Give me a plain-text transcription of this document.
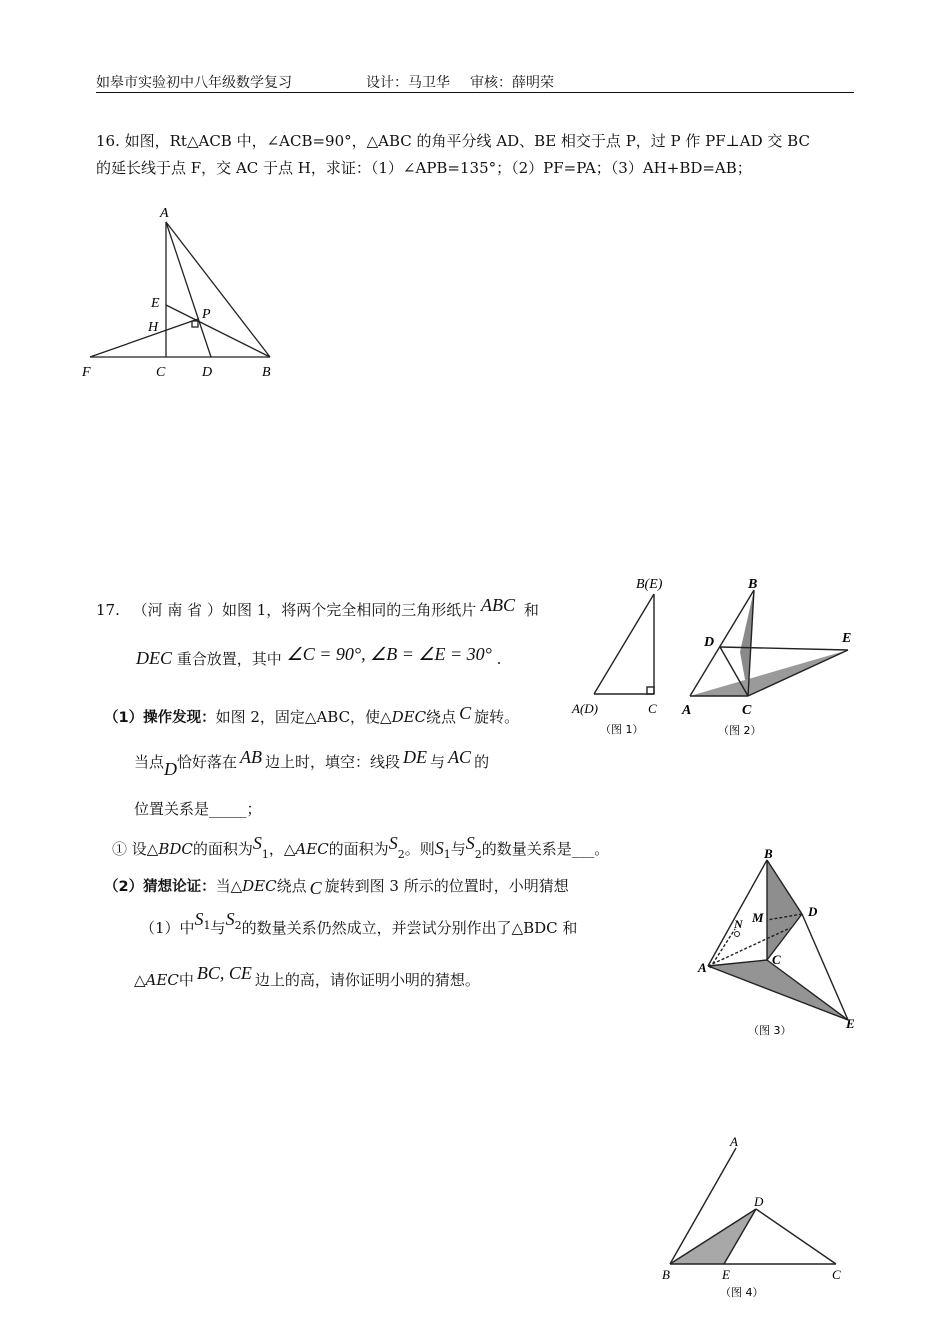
如皋市实验初中八年级数学复习	设计：马卫华 审核：薛明荣
16. 如图，Rt△ACB 中，∠ACB=90°，△ABC 的角平分线 AD、BE 相交于点 P，过 P 作 PF⊥AD 交 BC
的延长线于点 F，交 AC 于点 H，求证：（1）∠APB=135°；（2）PF=PA；（3）AH+BD=AB；
A
E
H
P
F	C	D	B
17. （河 南 省 ）如图 1，将两个完全相同的三角形纸片 ABC 和
DEC 重合放置，其中 ∠C = 90°, ∠B = ∠E = 30° .
（1）操作发现：如图 2，固定△ABC，使△DEC绕点 C 旋转。
当点D恰好落在 AB 边上时，填空：线段 DE 与 AC 的
位置关系是_____；
① 设△BDC的面积为$S_1$，△AEC的面积为$S_2$。则$S_1$与$S_2$的数量关系是___。
（2）猜想论证：当△DEC绕点 C 旋转到图 3 所示的位置时，小明猜想
（1）中$S_1$与$S_2$的数量关系仍然成立，并尝试分别作出了△BDC 和
△AEC中 BC, CE 边上的高，请你证明小明的猜想。
B(E)
A(D)	C
（图 1）
B
D	E
A	C
（图 2）
B
M	D
N
A
C
E
（图 3）
A
D
B	E	C
（图 4）
